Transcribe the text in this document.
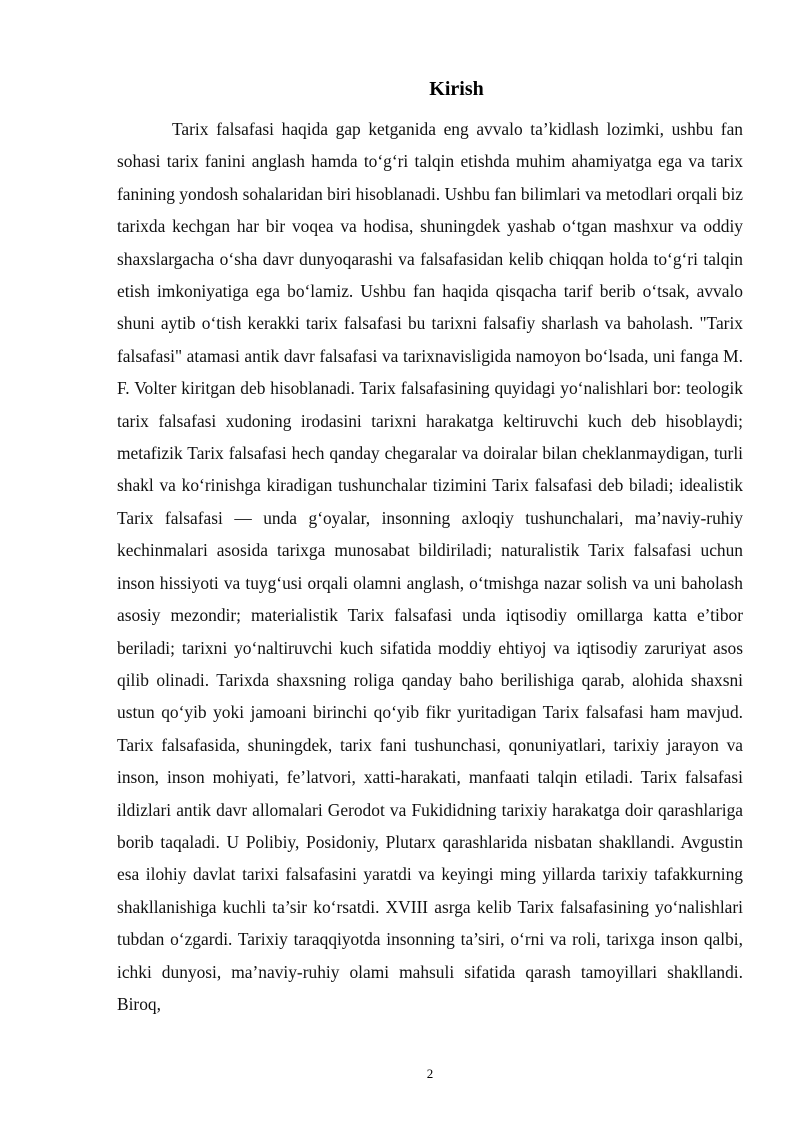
Kirish

Tarix falsafasi haqida gap ketganida eng avvalo ta’kidlash lozimki, ushbu fan sohasi tarix fanini anglash hamda to‘g‘ri talqin etishda muhim ahamiyatga ega va tarix fanining yondosh sohalaridan biri hisoblanadi. Ushbu fan bilimlari va metodlari orqali biz tarixda kechgan har bir voqea va hodisa, shuningdek yashab o‘tgan mashxur va oddiy shaxslargacha o‘sha davr dunyoqarashi va falsafasidan kelib chiqqan holda to‘g‘ri talqin etish imkoniyatiga ega bo‘lamiz. Ushbu fan haqida qisqacha tarif berib o‘tsak, avvalo shuni aytib o‘tish kerakki tarix falsafasi bu tarixni falsafiy sharlash va baholash. "Tarix falsafasi" atamasi antik davr falsafasi va tarixnavisligida namoyon bo‘lsada, uni fanga M. F. Volter kiritgan deb hisoblanadi. Tarix falsafasining quyidagi yo‘nalishlari bor: teologik tarix falsafasi xudoning irodasini tarixni harakatga keltiruvchi kuch deb hisoblaydi; metafizik Tarix falsafasi hech qanday chegaralar va doiralar bilan cheklanmaydigan, turli shakl va ko‘rinishga kiradigan tushunchalar tizimini Tarix falsafasi deb biladi; idealistik Tarix falsafasi — unda g‘oyalar, insonning axloqiy tushunchalari, ma’naviy-ruhiy kechinmalari asosida tarixga munosabat bildiriladi; naturalistik Tarix falsafasi uchun inson hissiyoti va tuyg‘usi orqali olamni anglash, o‘tmishga nazar solish va uni baholash asosiy mezondir; materialistik Tarix falsafasi unda iqtisodiy omillarga katta e’tibor beriladi; tarixni yo‘naltiruvchi kuch sifatida moddiy ehtiyoj va iqtisodiy zaruriyat asos qilib olinadi. Tarixda shaxsning roliga qanday baho berilishiga qarab, alohida shaxsni ustun qo‘yib yoki jamoani birinchi qo‘yib fikr yuritadigan Tarix falsafasi ham mavjud. Tarix falsafasida, shuningdek, tarix fani tushunchasi, qonuniyatlari, tarixiy jarayon va inson, inson mohiyati, fe’latvori, xatti-harakati, manfaati talqin etiladi. Tarix falsafasi ildizlari antik davr allomalari Gerodot va Fukididning tarixiy harakatga doir qarashlariga borib taqaladi. U Polibiy, Posidoniy, Plutarx qarashlarida nisbatan shakllandi. Avgustin esa ilohiy davlat tarixi falsafasini yaratdi va keyingi ming yillarda tarixiy tafakkurning shakllanishiga kuchli ta’sir ko‘rsatdi. XVIII asrga kelib Tarix falsafasining yo‘nalishlari tubdan o‘zgardi. Tarixiy taraqqiyotda insonning ta’siri, o‘rni va roli, tarixga inson qalbi, ichki dunyosi, ma’naviy-ruhiy olami mahsuli sifatida qarash tamoyillari shakllandi. Biroq,

2
